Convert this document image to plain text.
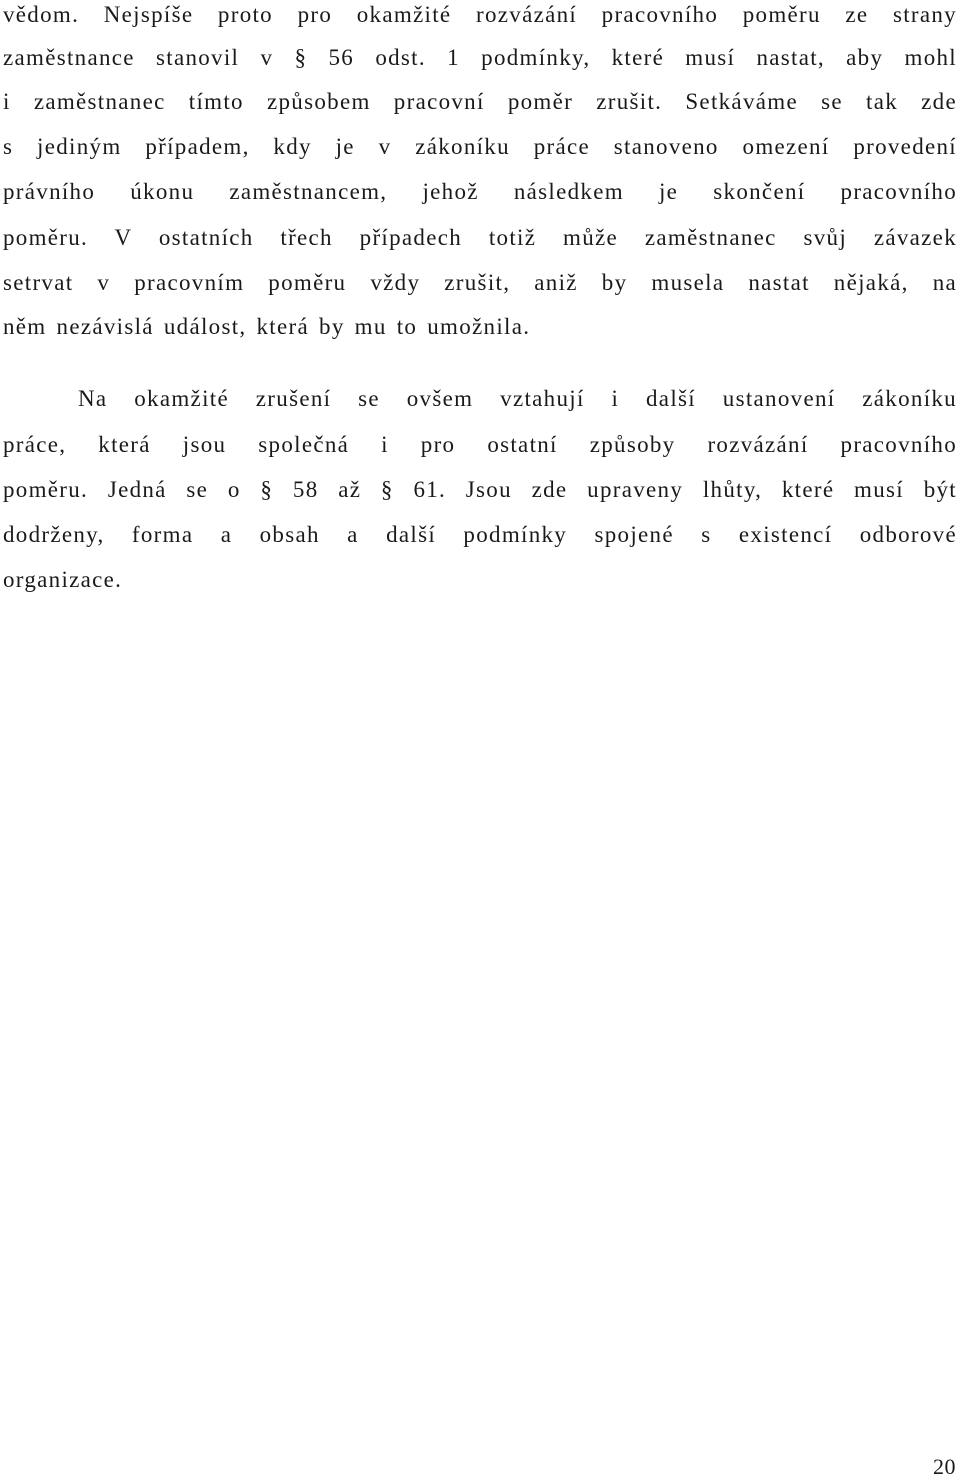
vědom. Nejspíše proto pro okamžité rozvázání pracovního poměru ze strany
zaměstnance stanovil v § 56 odst. 1 podmínky, které musí nastat, aby mohl
i zaměstnanec tímto způsobem pracovní poměr zrušit. Setkáváme se tak zde
s jediným případem, kdy je v zákoníku práce stanoveno omezení provedení
právního úkonu zaměstnancem, jehož následkem je skončení pracovního
poměru. V ostatních třech případech totiž může zaměstnanec svůj závazek
setrvat v pracovním poměru vždy zrušit, aniž by musela nastat nějaká, na
něm nezávislá událost, která by mu to umožnila.
Na okamžité zrušení se ovšem vztahují i další ustanovení zákoníku
práce, která jsou společná i pro ostatní způsoby rozvázání pracovního
poměru. Jedná se o § 58 až § 61. Jsou zde upraveny lhůty, které musí být
dodrženy, forma a obsah a další podmínky spojené s existencí odborové
organizace.
20
